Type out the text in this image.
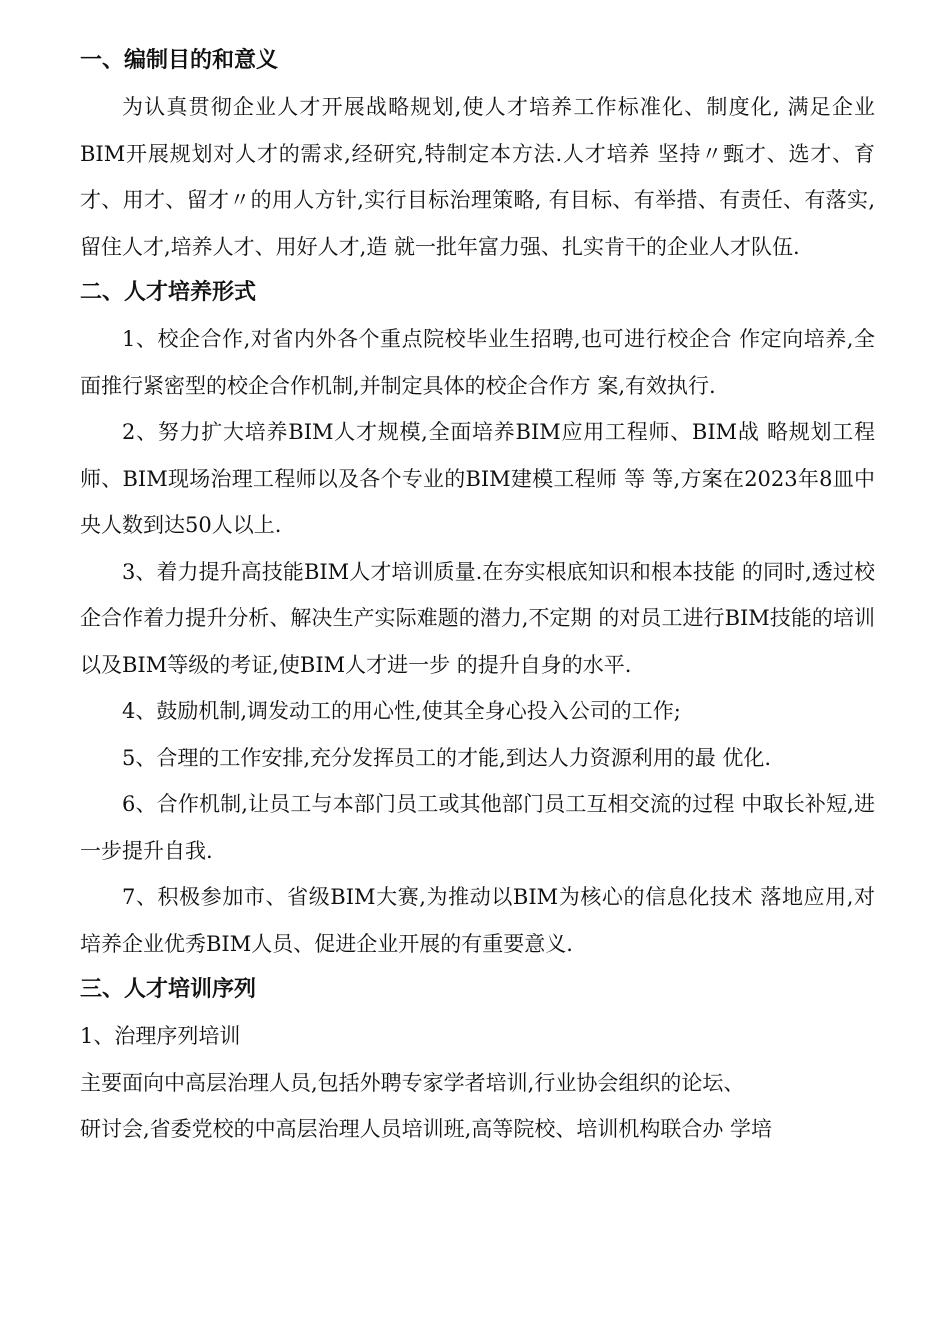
一、编制目的和意义

为认真贯彻企业人才开展战略规划,使人才培养工作标准化、制度化, 满足企业BIM开展规划对人才的需求,经研究,特制定本方法.人才培养 坚持〃甄才、选才、育才、用才、留才〃的用人方针,实行目标治理策略, 有目标、有举措、有责任、有落实,留住人才,培养人才、用好人才,造 就一批年富力强、扎实肯干的企业人才队伍.

二、人才培养形式

1、校企合作,对省内外各个重点院校毕业生招聘,也可进行校企合 作定向培养,全面推行紧密型的校企合作机制,并制定具体的校企合作方 案,有效执行.

2、努力扩大培养BIM人才规模,全面培养BIM应用工程师、BIM战 略规划工程师、BIM现场治理工程师以及各个专业的BIM建模工程师 等 等,方案在2023年8皿中央人数到达50人以上.

3、着力提升高技能BIM人才培训质量.在夯实根底知识和根本技能 的同时,透过校企合作着力提升分析、解决生产实际难题的潜力,不定期 的对员工进行BIM技能的培训以及BIM等级的考证,使BIM人才进一步 的提升自身的水平.

4、鼓励机制,调发动工的用心性,使其全身心投入公司的工作;

5、合理的工作安排,充分发挥员工的才能,到达人力资源利用的最 优化.

6、合作机制,让员工与本部门员工或其他部门员工互相交流的过程 中取长补短,进一步提升自我.

7、积极参加市、省级BIM大赛,为推动以BIM为核心的信息化技术 落地应用,对培养企业优秀BIM人员、促进企业开展的有重要意义.

三、人才培训序列

1、治理序列培训

主要面向中高层治理人员,包括外聘专家学者培训,行业协会组织的论坛、

研讨会,省委党校的中高层治理人员培训班,高等院校、培训机构联合办 学培
